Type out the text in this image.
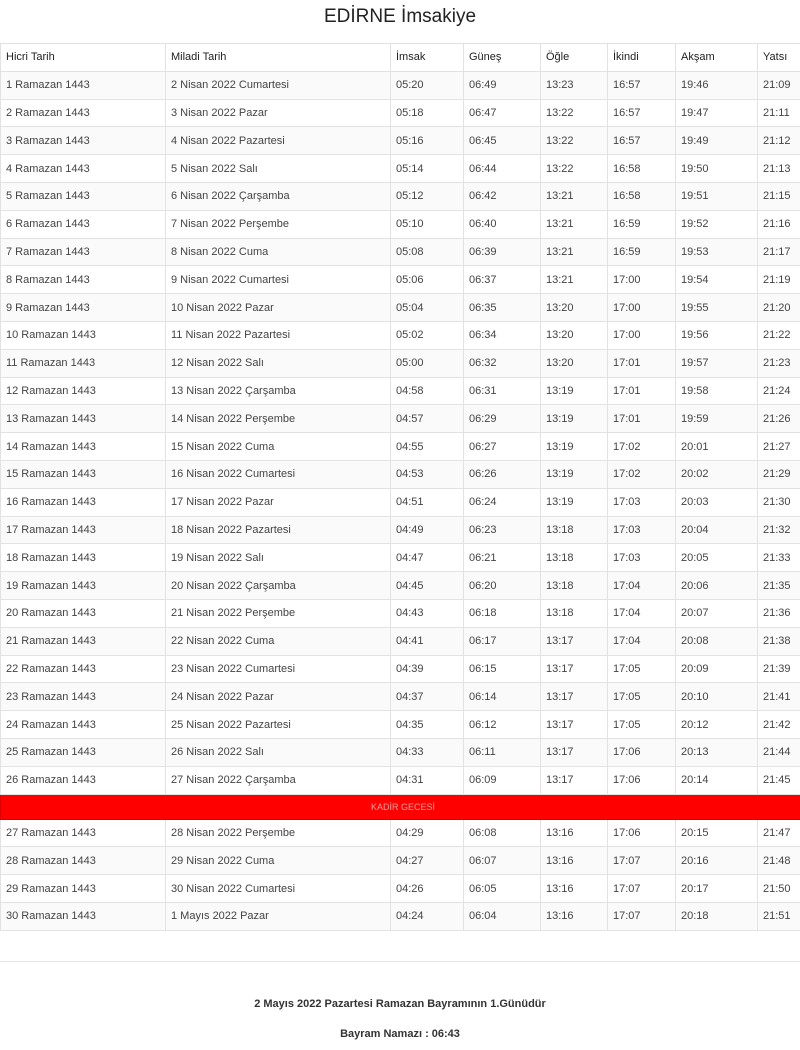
EDİRNE İmsakiye
Hicri Tarih	Miladi Tarih	İmsak	Güneş	Öğle	İkindi	Akşam	Yatsı
1 Ramazan 1443	2 Nisan 2022 Cumartesi	05:20	06:49	13:23	16:57	19:46	21:09
2 Ramazan 1443	3 Nisan 2022 Pazar	05:18	06:47	13:22	16:57	19:47	21:11
3 Ramazan 1443	4 Nisan 2022 Pazartesi	05:16	06:45	13:22	16:57	19:49	21:12
4 Ramazan 1443	5 Nisan 2022 Salı	05:14	06:44	13:22	16:58	19:50	21:13
5 Ramazan 1443	6 Nisan 2022 Çarşamba	05:12	06:42	13:21	16:58	19:51	21:15
6 Ramazan 1443	7 Nisan 2022 Perşembe	05:10	06:40	13:21	16:59	19:52	21:16
7 Ramazan 1443	8 Nisan 2022 Cuma	05:08	06:39	13:21	16:59	19:53	21:17
8 Ramazan 1443	9 Nisan 2022 Cumartesi	05:06	06:37	13:21	17:00	19:54	21:19
9 Ramazan 1443	10 Nisan 2022 Pazar	05:04	06:35	13:20	17:00	19:55	21:20
10 Ramazan 1443	11 Nisan 2022 Pazartesi	05:02	06:34	13:20	17:00	19:56	21:22
11 Ramazan 1443	12 Nisan 2022 Salı	05:00	06:32	13:20	17:01	19:57	21:23
12 Ramazan 1443	13 Nisan 2022 Çarşamba	04:58	06:31	13:19	17:01	19:58	21:24
13 Ramazan 1443	14 Nisan 2022 Perşembe	04:57	06:29	13:19	17:01	19:59	21:26
14 Ramazan 1443	15 Nisan 2022 Cuma	04:55	06:27	13:19	17:02	20:01	21:27
15 Ramazan 1443	16 Nisan 2022 Cumartesi	04:53	06:26	13:19	17:02	20:02	21:29
16 Ramazan 1443	17 Nisan 2022 Pazar	04:51	06:24	13:19	17:03	20:03	21:30
17 Ramazan 1443	18 Nisan 2022 Pazartesi	04:49	06:23	13:18	17:03	20:04	21:32
18 Ramazan 1443	19 Nisan 2022 Salı	04:47	06:21	13:18	17:03	20:05	21:33
19 Ramazan 1443	20 Nisan 2022 Çarşamba	04:45	06:20	13:18	17:04	20:06	21:35
20 Ramazan 1443	21 Nisan 2022 Perşembe	04:43	06:18	13:18	17:04	20:07	21:36
21 Ramazan 1443	22 Nisan 2022 Cuma	04:41	06:17	13:17	17:04	20:08	21:38
22 Ramazan 1443	23 Nisan 2022 Cumartesi	04:39	06:15	13:17	17:05	20:09	21:39
23 Ramazan 1443	24 Nisan 2022 Pazar	04:37	06:14	13:17	17:05	20:10	21:41
24 Ramazan 1443	25 Nisan 2022 Pazartesi	04:35	06:12	13:17	17:05	20:12	21:42
25 Ramazan 1443	26 Nisan 2022 Salı	04:33	06:11	13:17	17:06	20:13	21:44
26 Ramazan 1443	27 Nisan 2022 Çarşamba	04:31	06:09	13:17	17:06	20:14	21:45
KADİR GECESİ							
27 Ramazan 1443	28 Nisan 2022 Perşembe	04:29	06:08	13:16	17:06	20:15	21:47
28 Ramazan 1443	29 Nisan 2022 Cuma	04:27	06:07	13:16	17:07	20:16	21:48
29 Ramazan 1443	30 Nisan 2022 Cumartesi	04:26	06:05	13:16	17:07	20:17	21:50
30 Ramazan 1443	1 Mayıs 2022 Pazar	04:24	06:04	13:16	17:07	20:18	21:51
2 Mayıs 2022 Pazartesi Ramazan Bayramının 1.Günüdür
Bayram Namazı : 06:43
